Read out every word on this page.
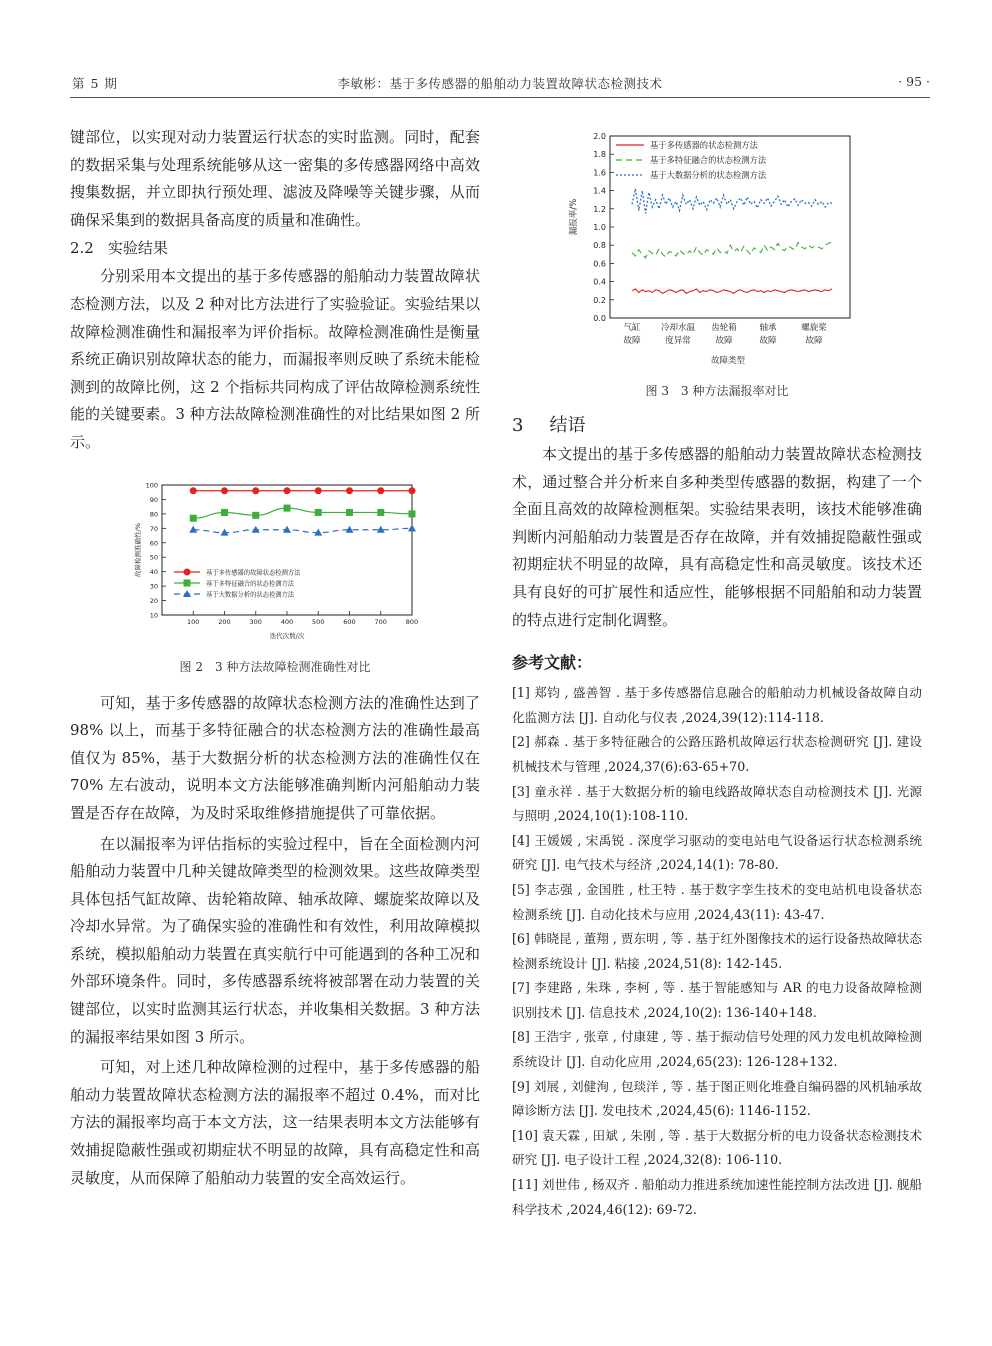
第 5 期	李敏彬：基于多传感器的船舶动力装置故障状态检测技术	· 95 ·

键部位，以实现对动力装置运行状态的实时监测。同时，配套的数据采集与处理系统能够从这一密集的多传感器网络中高效搜集数据，并立即执行预处理、滤波及降噪等关键步骤，从而确保采集到的数据具备高度的质量和准确性。

2.2 实验结果

分别采用本文提出的基于多传感器的船舶动力装置故障状态检测方法，以及 2 种对比方法进行了实验验证。实验结果以故障检测准确性和漏报率为评价指标。故障检测准确性是衡量系统正确识别故障状态的能力，而漏报率则反映了系统未能检测到的故障比例，这 2 个指标共同构成了评估故障检测系统性能的关键要素。3 种方法故障检测准确性的对比结果如图 2 所示。

10
20
30
40
50
60
70
80
90
100
100	200	300	400	500	600	700	800
迭代次数/次
故障检测准确性/%	基于多传感器的故障状态检测方法
基于多特征融合的状态检测方法
基于大数据分析的状态检测方法
图 2　3 种方法故障检测准确性对比

可知，基于多传感器的故障状态检测方法的准确性达到了 98% 以上，而基于多特征融合的状态检测方法的准确性最高值仅为 85%，基于大数据分析的状态检测方法的准确性仅在 70% 左右波动，说明本文方法能够准确判断内河船舶动力装置是否存在故障，为及时采取维修措施提供了可靠依据。

在以漏报率为评估指标的实验过程中，旨在全面检测内河船舶动力装置中几种关键故障类型的检测效果。这些故障类型具体包括气缸故障、齿轮箱故障、轴承故障、螺旋桨故障以及冷却水异常。为了确保实验的准确性和有效性，利用故障模拟系统，模拟船舶动力装置在真实航行中可能遇到的各种工况和外部环境条件。同时，多传感器系统将被部署在动力装置的关键部位，以实时监测其运行状态，并收集相关数据。3 种方法的漏报率结果如图 3 所示。

可知，对上述几种故障检测的过程中，基于多传感器的船舶动力装置故障状态检测方法的漏报率不超过 0.4%，而对比方法的漏报率均高于本文方法，这一结果表明本文方法能够有效捕捉隐蔽性强或初期症状不明显的故障，具有高稳定性和高灵敏度，从而保障了船舶动力装置的安全高效运行。

0.0
0.2
0.4
0.6
0.8
1.0
1.2
1.4
1.6
1.8
2.0
气缸
故障
冷却水温
度异常
齿轮箱
故障
轴承
故障
螺旋桨
故障
故障类型
漏报率/%
基于多传感器的状态检测方法
基于多特征融合的状态检测方法
基于大数据分析的状态检测方法
图 3　3 种方法漏报率对比
3 结语

本文提出的基于多传感器的船舶动力装置故障状态检测技术，通过整合并分析来自多种类型传感器的数据，构建了一个全面且高效的故障检测框架。实验结果表明，该技术能够准确判断内河船舶动力装置是否存在故障，并有效捕捉隐蔽性强或初期症状不明显的故障，具有高稳定性和高灵敏度。该技术还具有良好的可扩展性和适应性，能够根据不同船舶和动力装置的特点进行定制化调整。

参考文献：

[1] 郑钧 , 盛善智 . 基于多传感器信息融合的船舶动力机械设备故障自动化监测方法 [J]. 自动化与仪表 ,2024,39(12):114-118.

[2] 郝森 . 基于多特征融合的公路压路机故障运行状态检测研究 [J]. 建设机械技术与管理 ,2024,37(6):63-65+70.

[3] 童永祥 . 基于大数据分析的输电线路故障状态自动检测技术 [J]. 光源与照明 ,2024,10(1):108-110.

[4] 王媛媛 , 宋禹锐 . 深度学习驱动的变电站电气设备运行状态检测系统研究 [J]. 电气技术与经济 ,2024,14(1): 78-80.

[5] 李志强 , 金国胜 , 杜王特 . 基于数字孪生技术的变电站机电设备状态检测系统 [J]. 自动化技术与应用 ,2024,43(11): 43-47.

[6] 韩晓昆 , 董翔 , 贾东明 , 等 . 基于红外图像技术的运行设备热故障状态检测系统设计 [J]. 粘接 ,2024,51(8): 142-145.

[7] 李建路 , 朱珠 , 李柯 , 等 . 基于智能感知与 AR 的电力设备故障检测识别技术 [J]. 信息技术 ,2024,10(2): 136-140+148.

[8] 王浩宇 , 张章 , 付康建 , 等 . 基于振动信号处理的风力发电机故障检测系统设计 [J]. 自动化应用 ,2024,65(23): 126-128+132.

[9] 刘展 , 刘健洵 , 包琰洋 , 等 . 基于图正则化堆叠自编码器的风机轴承故障诊断方法 [J]. 发电技术 ,2024,45(6): 1146-1152.

[10] 袁天霖 , 田斌 , 朱刚 , 等 . 基于大数据分析的电力设备状态检测技术研究 [J]. 电子设计工程 ,2024,32(8): 106-110.

[11] 刘世伟 , 杨双齐 . 船舶动力推进系统加速性能控制方法改进 [J]. 舰船科学技术 ,2024,46(12): 69-72.
